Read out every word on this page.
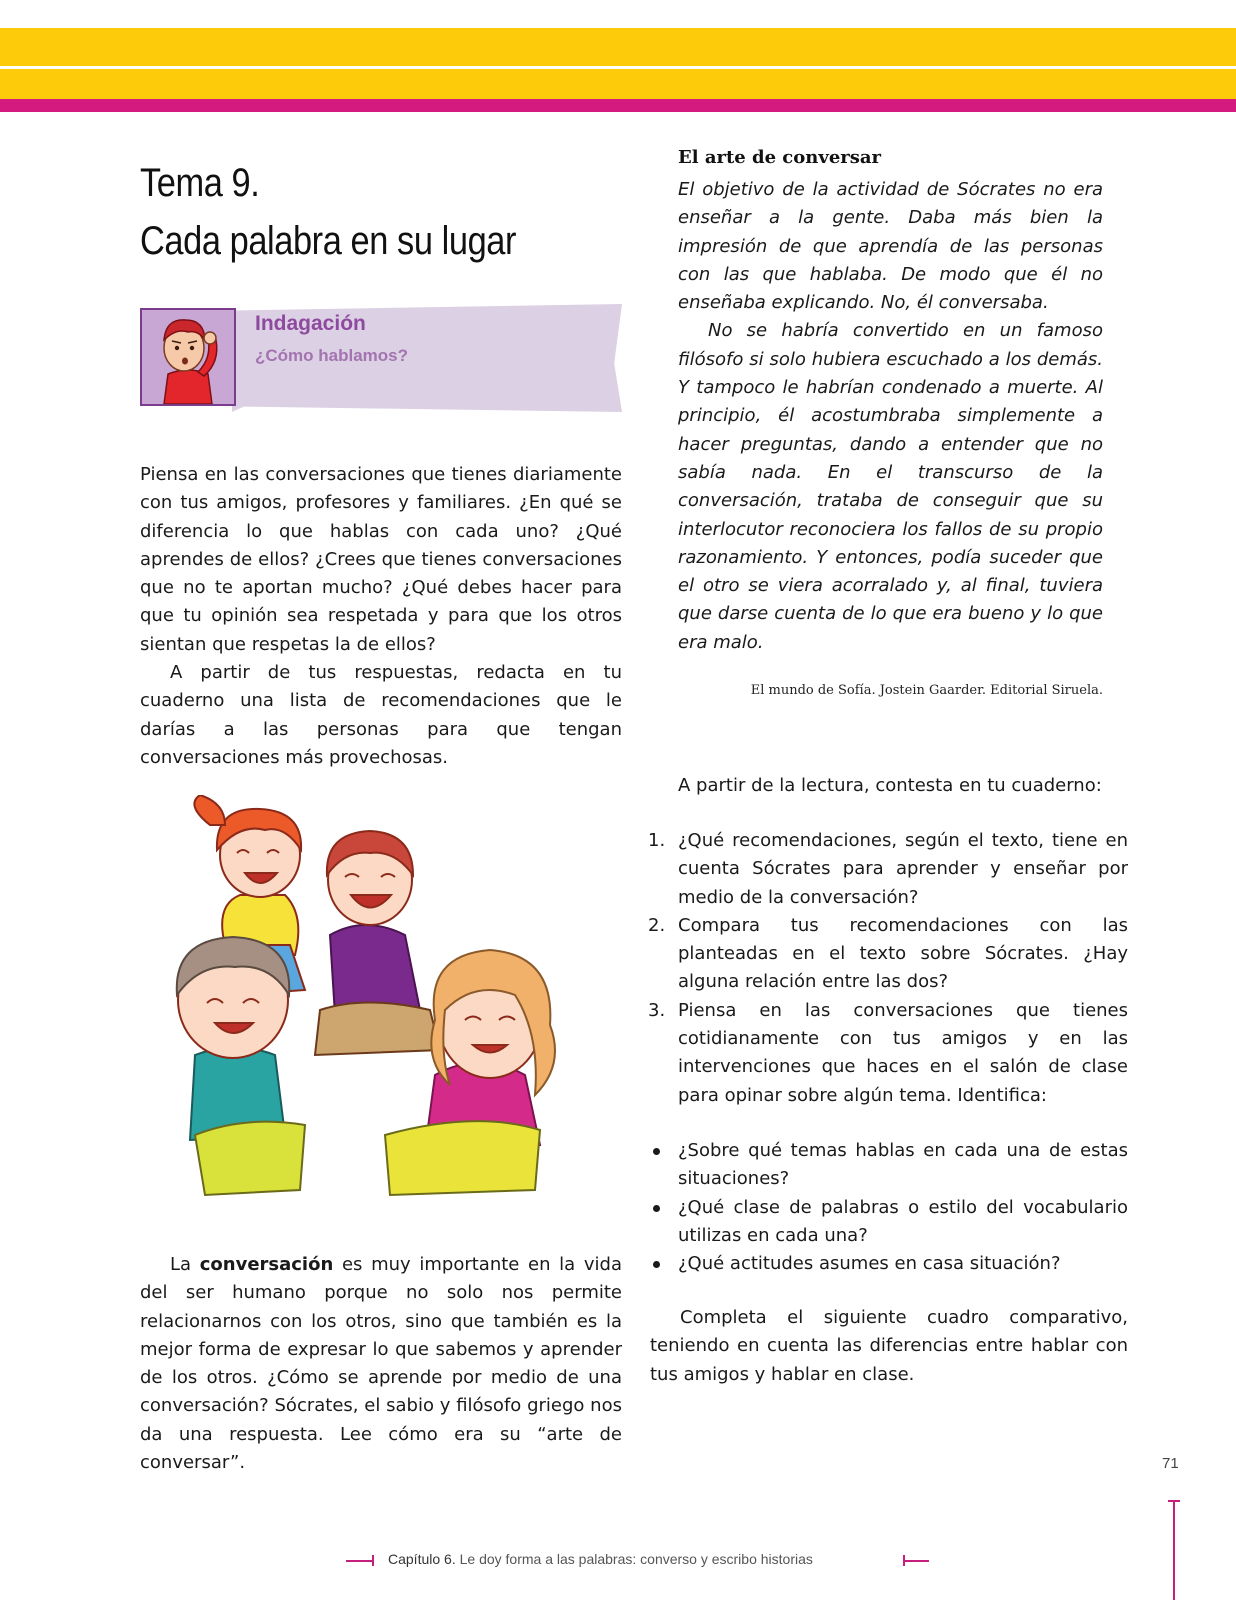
Tema 9.
Cada palabra en su lugar
Indagación
¿Cómo hablamos?

Piensa en las conversaciones que tienes diariamente con tus amigos, profesores y familiares. ¿En qué se diferencia lo que hablas con cada uno? ¿Qué aprendes de ellos? ¿Crees que tienes conversaciones que no te aportan mucho? ¿Qué debes hacer para que tu opinión sea respetada y para que los otros sientan que respetas la de ellos?

A partir de tus respuestas, redacta en tu cuaderno una lista de recomendaciones que le darías a las personas para que tengan conversaciones más provechosas.

La conversación es muy importante en la vida del ser humano porque no solo nos permite relacionarnos con los otros, sino que también es la mejor forma de expresar lo que sabemos y aprender de los otros. ¿Cómo se aprende por medio de una conversación? Sócrates, el sabio y filósofo griego nos da una respuesta. Lee cómo era su “arte de conversar”.

El arte de conversar

El objetivo de la actividad de Sócrates no era enseñar a la gente. Daba más bien la impresión de que aprendía de las personas con las que hablaba. De modo que él no enseñaba explicando. No, él conversaba.

No se habría convertido en un famoso filósofo si solo hubiera escuchado a los demás. Y tampoco le habrían condenado a muerte. Al principio, él acostumbraba simplemente a hacer preguntas, dando a entender que no sabía nada. En el transcurso de la conversación, trataba de conseguir que su interlocutor reconociera los fallos de su propio razonamiento. Y entonces, podía suceder que el otro se viera acorralado y, al final, tuviera que darse cuenta de lo que era bueno y lo que era malo.

El mundo de Sofía. Jostein Gaarder. Editorial Siruela.
A partir de la lectura, contesta en tu cuaderno:
1. ¿Qué recomendaciones, según el texto, tiene en cuenta Sócrates para aprender y enseñar por medio de la conversación?
2. Compara tus recomendaciones con las planteadas en el texto sobre Sócrates. ¿Hay alguna relación entre las dos?
3. Piensa en las conversaciones que tienes cotidianamente con tus amigos y en las intervenciones que haces en el salón de clase para opinar sobre algún tema. Identifica:
¿Sobre qué temas hablas en cada una de estas situaciones?
¿Qué clase de palabras o estilo del vocabulario utilizas en cada una?
¿Qué actitudes asumes en casa situación?
Completa el siguiente cuadro comparativo, teniendo en cuenta las diferencias entre hablar con tus amigos y hablar en clase.
71
Capítulo 6. Le doy forma a las palabras: converso y escribo historias
